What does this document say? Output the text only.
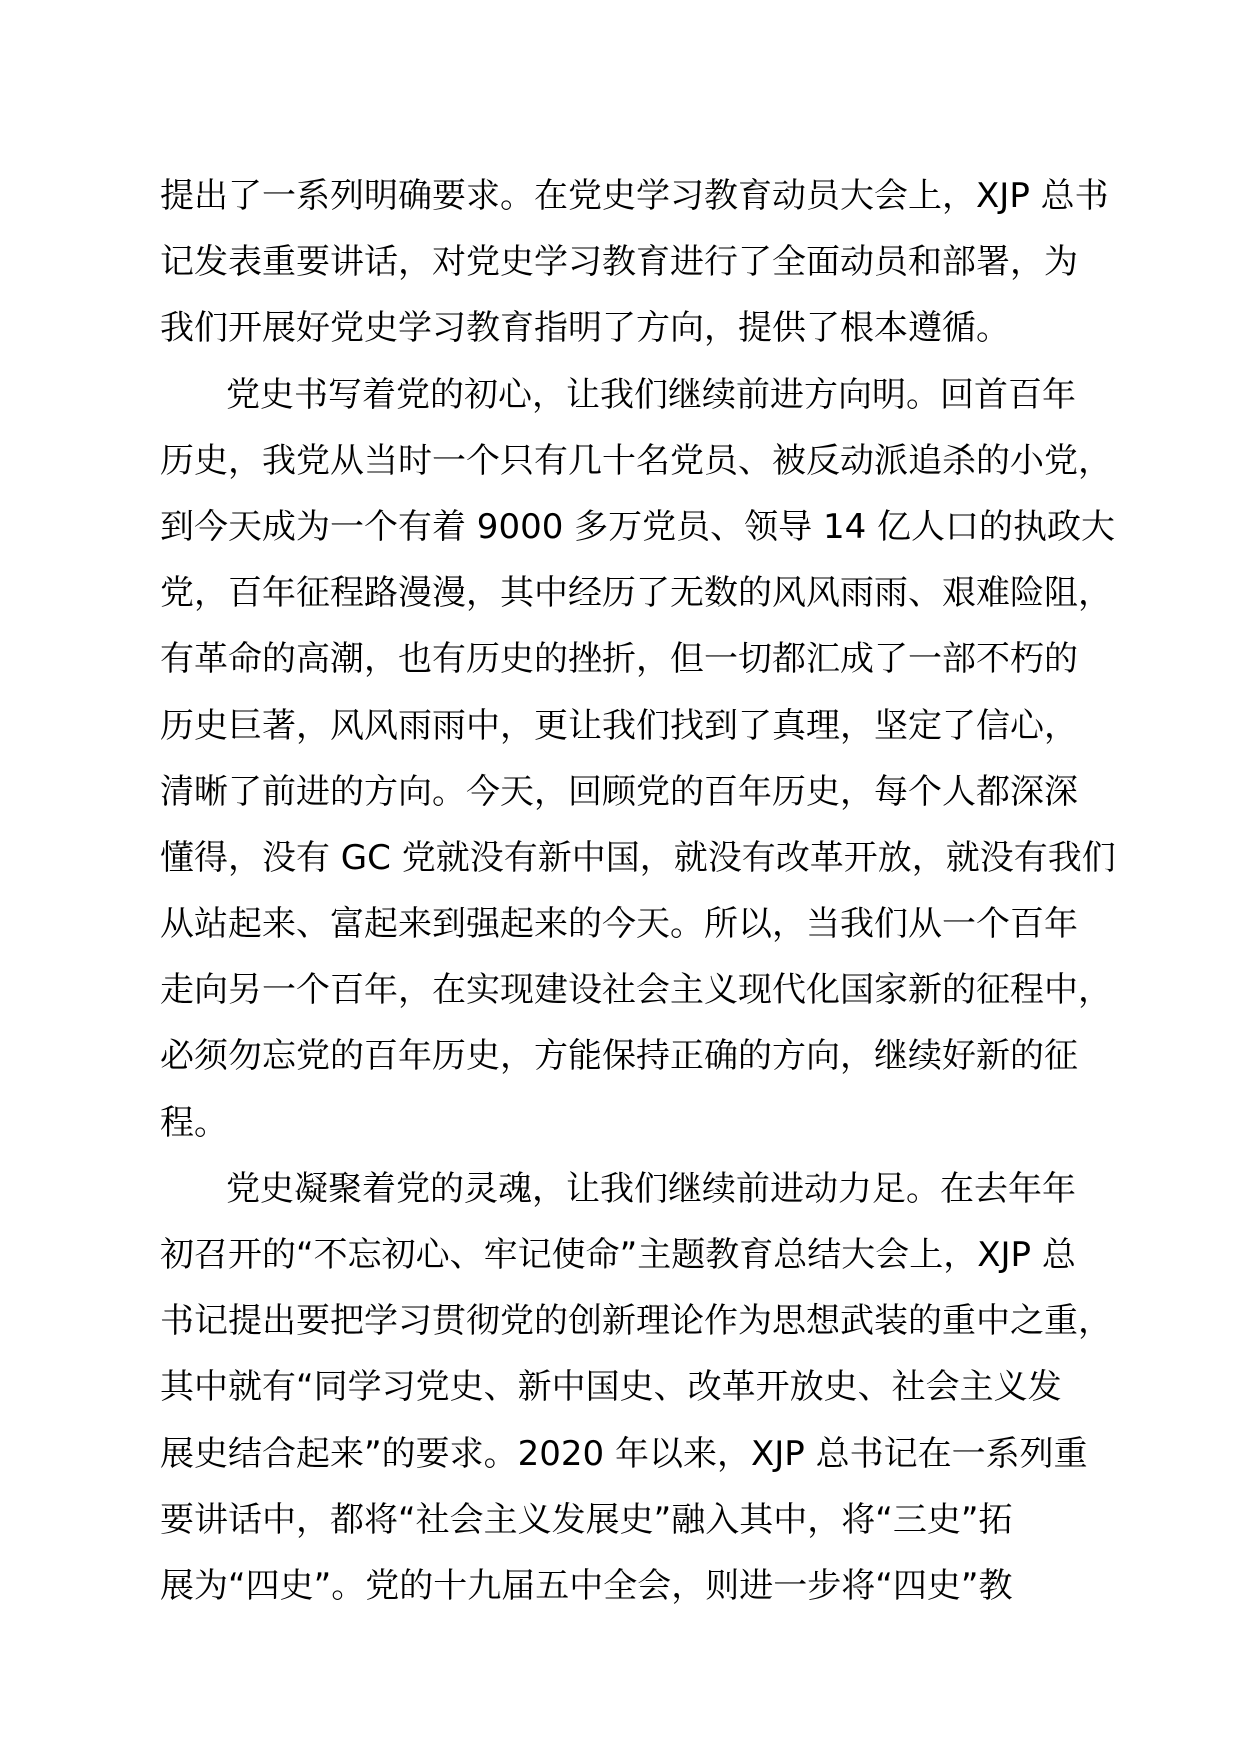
提出了一系列明确要求。在党史学习教育动员大会上，XJP 总书
记发表重要讲话，对党史学习教育进行了全面动员和部署，为
我们开展好党史学习教育指明了方向，提供了根本遵循。
党史书写着党的初心，让我们继续前进方向明。回首百年
历史，我党从当时一个只有几十名党员、被反动派追杀的小党，
到今天成为一个有着 9000 多万党员、领导 14 亿人口的执政大
党，百年征程路漫漫，其中经历了无数的风风雨雨、艰难险阻，
有革命的高潮，也有历史的挫折，但一切都汇成了一部不朽的
历史巨著，风风雨雨中，更让我们找到了真理，坚定了信心，
清晰了前进的方向。今天，回顾党的百年历史，每个人都深深
懂得，没有 GC 党就没有新中国，就没有改革开放，就没有我们
从站起来、富起来到强起来的今天。所以，当我们从一个百年
走向另一个百年，在实现建设社会主义现代化国家新的征程中，
必须勿忘党的百年历史，方能保持正确的方向，继续好新的征
程。
党史凝聚着党的灵魂，让我们继续前进动力足。在去年年
初召开的“不忘初心、牢记使命”主题教育总结大会上，XJP 总
书记提出要把学习贯彻党的创新理论作为思想武装的重中之重，
其中就有“同学习党史、新中国史、改革开放史、社会主义发
展史结合起来”的要求。2020 年以来，XJP 总书记在一系列重
要讲话中，都将“社会主义发展史”融入其中，将“三史”拓
展为“四史”。党的十九届五中全会，则进一步将“四史”教
